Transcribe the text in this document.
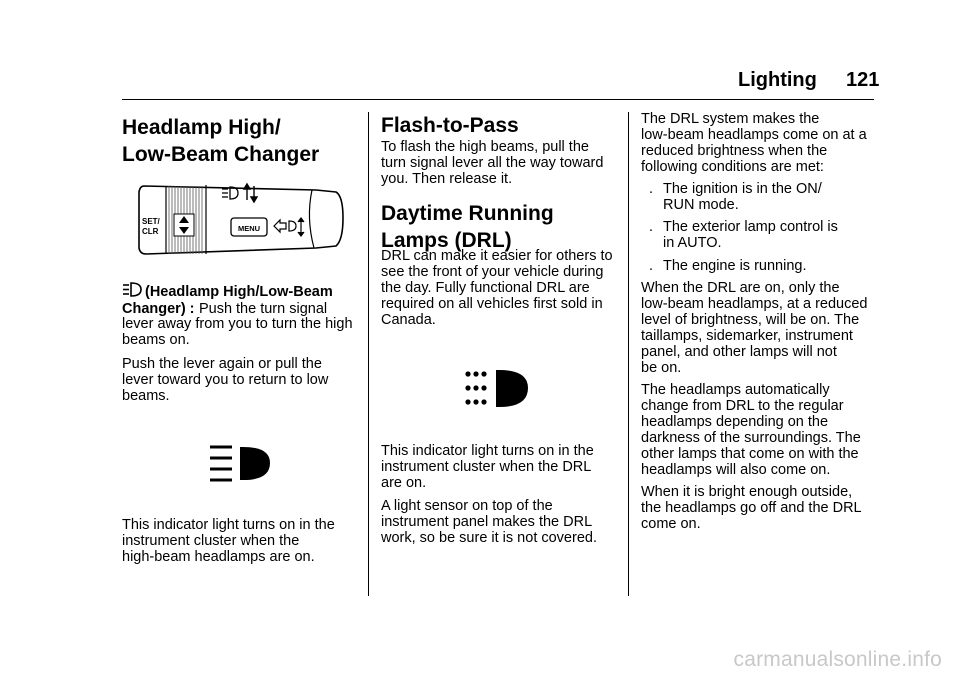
Lighting 121
Headlamp High/
Low-Beam Changer
SET/
CLR	MENU
(Headlamp High/Low-Beam
Changer) : Push the turn signal
lever away from you to turn the high
beams on.
Push the lever again or pull the
lever toward you to return to low
beams.
This indicator light turns on in the
instrument cluster when the
high-beam headlamps are on.
Flash-to-Pass
To flash the high beams, pull the
turn signal lever all the way toward
you. Then release it.
Daytime Running
Lamps (DRL)
DRL can make it easier for others to
see the front of your vehicle during
the day. Fully functional DRL are
required on all vehicles first sold in
Canada.
This indicator light turns on in the
instrument cluster when the DRL
are on.
A light sensor on top of the
instrument panel makes the DRL
work, so be sure it is not covered.
The DRL system makes the
low-beam headlamps come on at a
reduced brightness when the
following conditions are met:
. The ignition is in the ON/
RUN mode.
. The exterior lamp control is
in AUTO.
. The engine is running.
When the DRL are on, only the
low-beam headlamps, at a reduced
level of brightness, will be on. The
taillamps, sidemarker, instrument
panel, and other lamps will not
be on.
The headlamps automatically
change from DRL to the regular
headlamps depending on the
darkness of the surroundings. The
other lamps that come on with the
headlamps will also come on.
When it is bright enough outside,
the headlamps go off and the DRL
come on.
carmanualsonline.info
